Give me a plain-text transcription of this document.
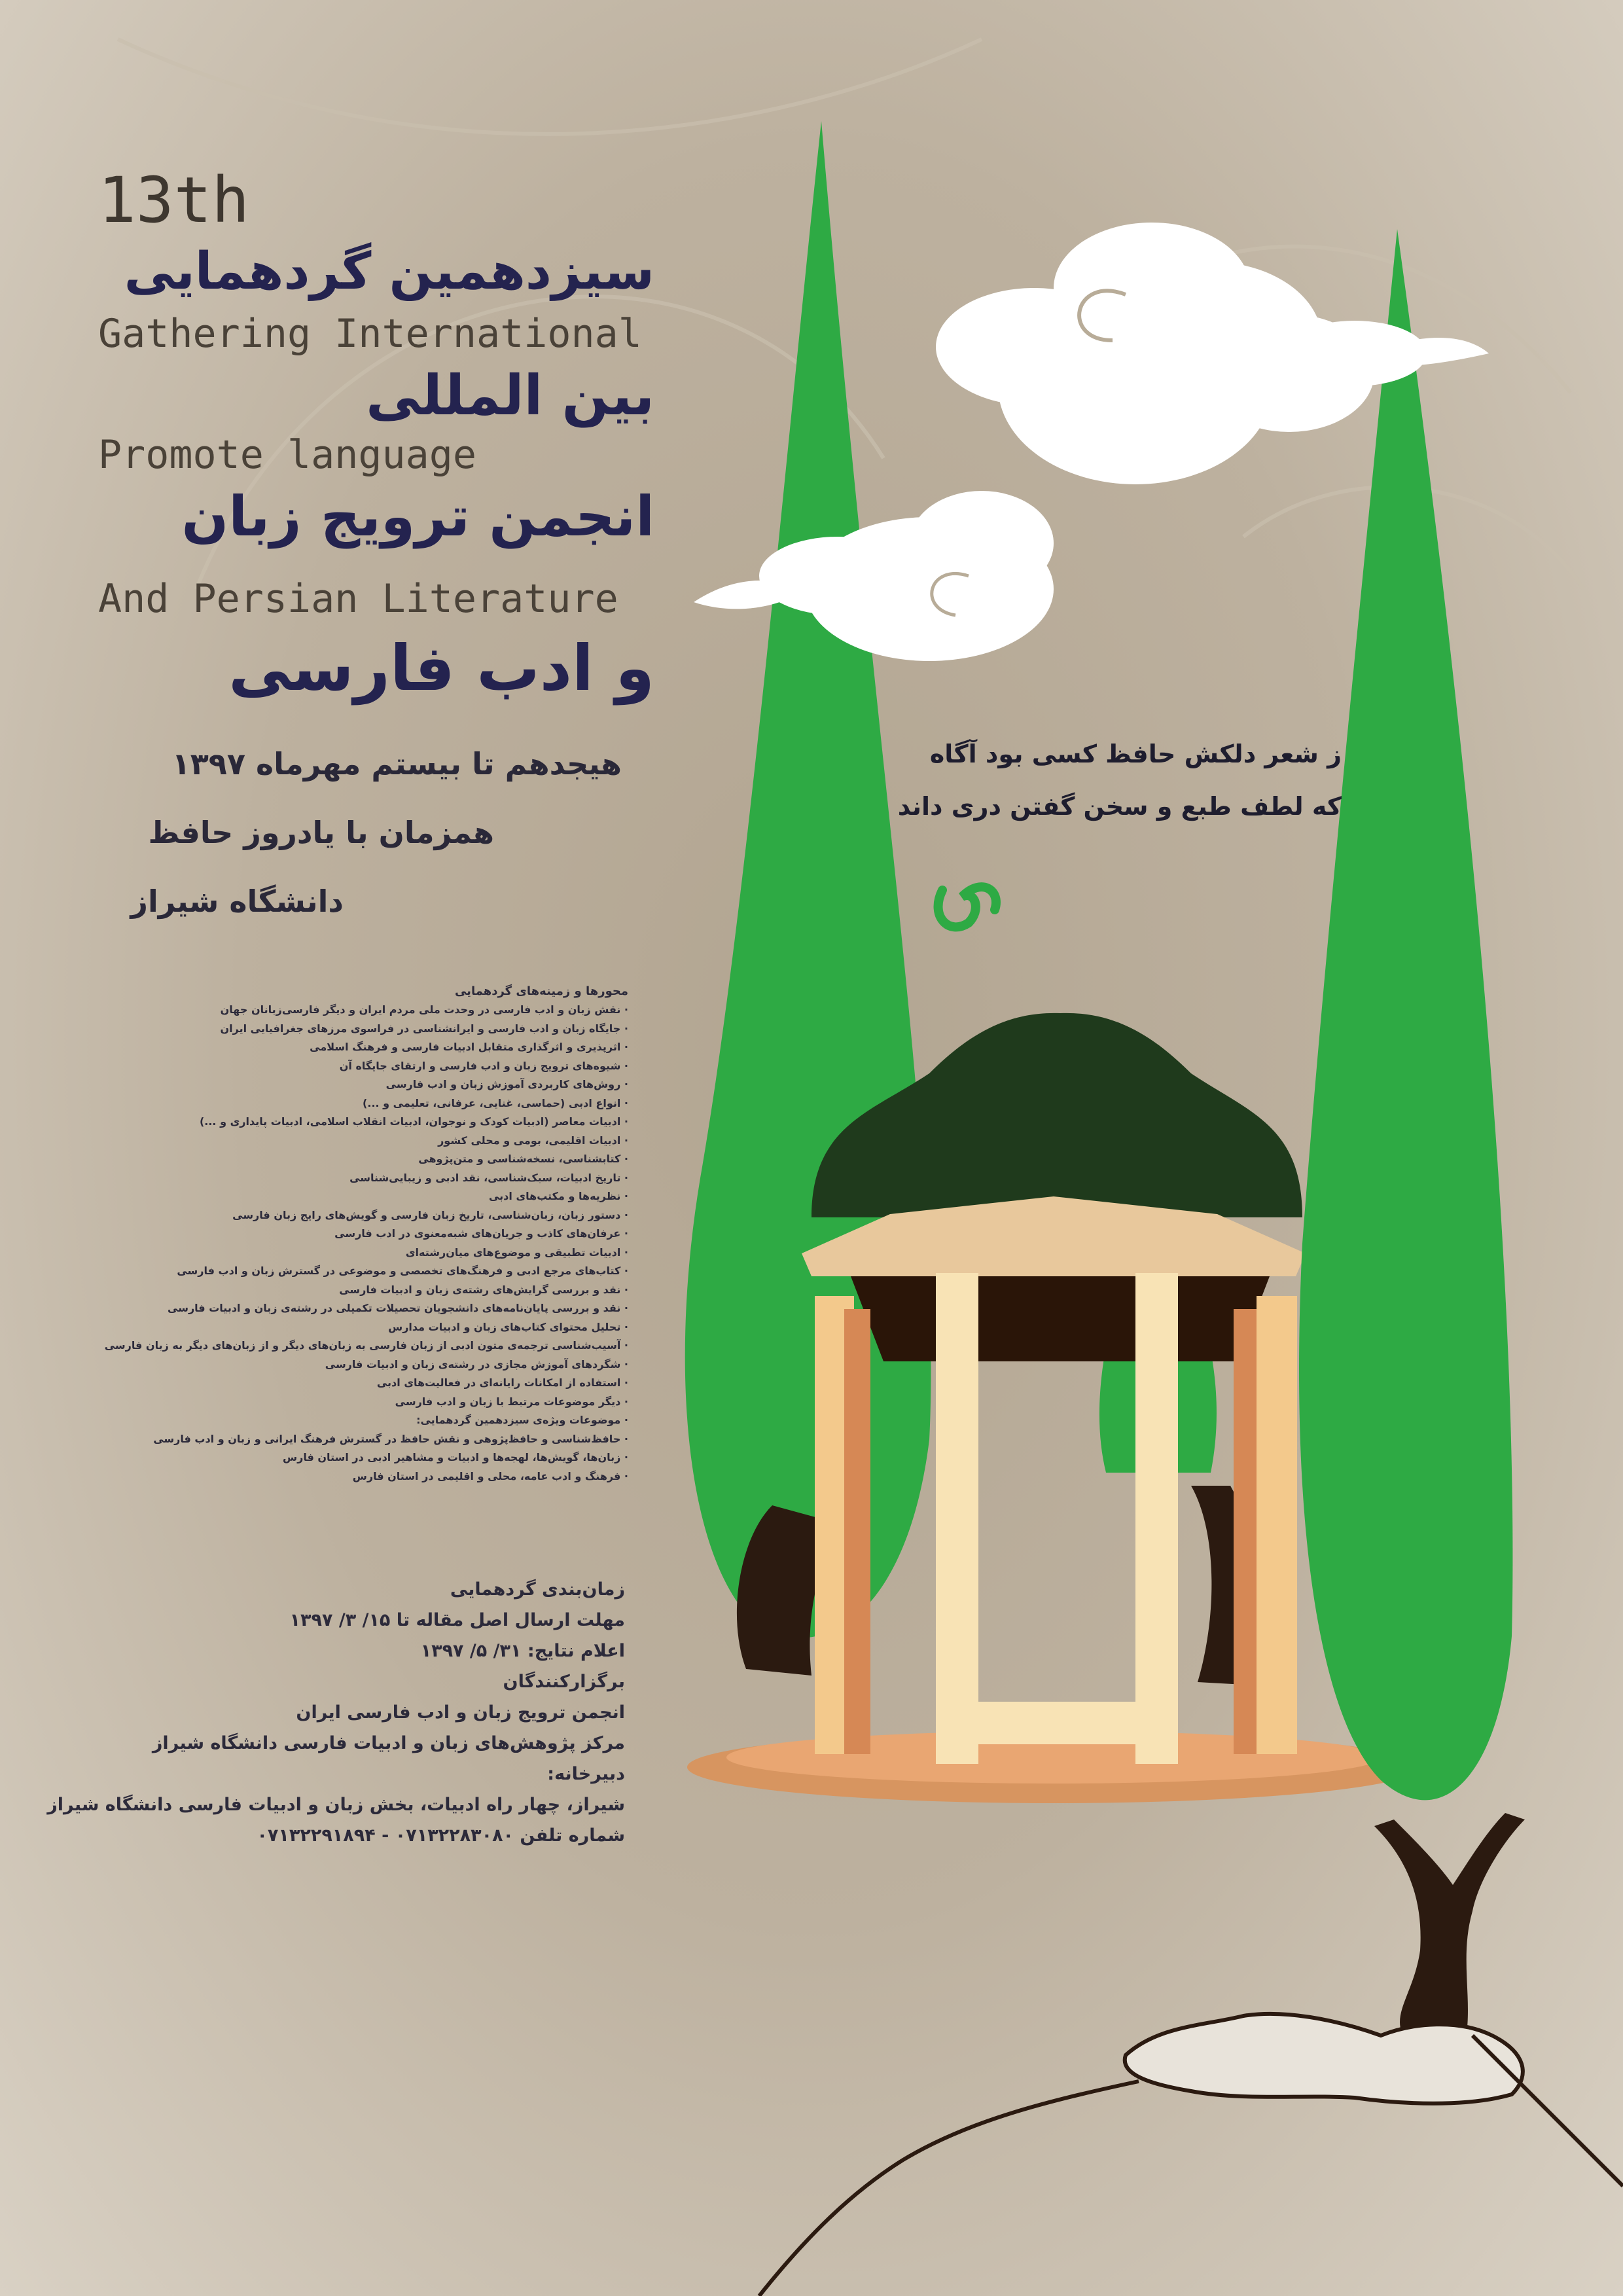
13th
سیزدهمین گردهمایی
Gathering International
بین المللی
Promote language
انجمن ترویج زبان
And Persian Literature
و ادب فارسی
هیجدهم تا بیستم مهرماه ۱۳۹۷
همزمان با یادروز حافظ
دانشگاه شیراز
ز شعر دلکش حافظ کسی بود آگاه
که لطف طبع و سخن گفتن دری داند
محورها و زمینه‌های گردهمایی
· نقش زبان و ادب فارسی در وحدت ملی مردم ایران و دیگر فارسی‌زبانان جهان
· جایگاه زبان و ادب فارسی و ایرانشناسی در فراسوی مرزهای جغرافیایی ایران
· اثرپذیری و اثرگذاری متقابل ادبیات فارسی و فرهنگ اسلامی
· شیوه‌های ترویج زبان و ادب فارسی و ارتقای جایگاه آن
· روش‌های کاربردی آموزش زبان و ادب فارسی
· انواع ادبی (حماسی، غنایی، عرفانی، تعلیمی و ...)
· ادبیات معاصر (ادبیات کودک و نوجوان، ادبیات انقلاب اسلامی، ادبیات پایداری و ...)
· ادبیات اقلیمی، بومی و محلی کشور
· کتابشناسی، نسخه‌شناسی و متن‌پژوهی
· تاریخ ادبیات، سبک‌شناسی، نقد ادبی و زیبایی‌شناسی
· نظریه‌ها و مکتب‌های ادبی
· دستور زبان، زبان‌شناسی، تاریخ زبان فارسی و گویش‌های رایج زبان فارسی
· عرفان‌های کاذب و جریان‌های شبه‌معنوی در ادب فارسی
· ادبیات تطبیقی و موضوع‌های میان‌رشته‌ای
· کتاب‌های مرجع ادبی و فرهنگ‌های تخصصی و موضوعی در گسترش زبان و ادب فارسی
· نقد و بررسی گرایش‌های رشته‌ی زبان و ادبیات فارسی
· نقد و بررسی پایان‌نامه‌های دانشجویان تحصیلات تکمیلی در رشته‌ی زبان و ادبیات فارسی
· تحلیل محتوای کتاب‌های زبان و ادبیات مدارس
· آسیب‌شناسی ترجمه‌ی متون ادبی از زبان فارسی به زبان‌های دیگر و از زبان‌های دیگر به زبان فارسی
· شگردهای آموزش مجازی در رشته‌ی زبان و ادبیات فارسی
· استفاده از امکانات رایانه‌ای در فعالیت‌های ادبی
· دیگر موضوعات مرتبط با زبان و ادب فارسی
· موضوعات ویژه‌ی سیزدهمین گردهمایی:
· حافظ‌شناسی و حافظ‌پژوهی و نقش حافظ در گسترش فرهنگ ایرانی و زبان و ادب فارسی
· زبان‌ها، گویش‌ها، لهجه‌ها و ادبیات و مشاهیر ادبی در استان فارس
· فرهنگ و ادب عامه، محلی و اقلیمی در استان فارس
زمان‌بندی گردهمایی
مهلت ارسال اصل مقاله تا ۱۵/ ۳/ ۱۳۹۷
اعلام نتایج: ۳۱/ ۵/ ۱۳۹۷
برگزارکنندگان
انجمن ترویج زبان و ادب فارسی ایران
مرکز پژوهش‌های زبان و ادبیات فارسی دانشگاه شیراز
دبیرخانه:
شیراز، چهار راه ادبیات، بخش زبان و ادبیات فارسی دانشگاه شیراز
شماره تلفن ۰۷۱۳۲۲۸۳۰۸۰ - ۰۷۱۳۲۲۹۱۸۹۴
